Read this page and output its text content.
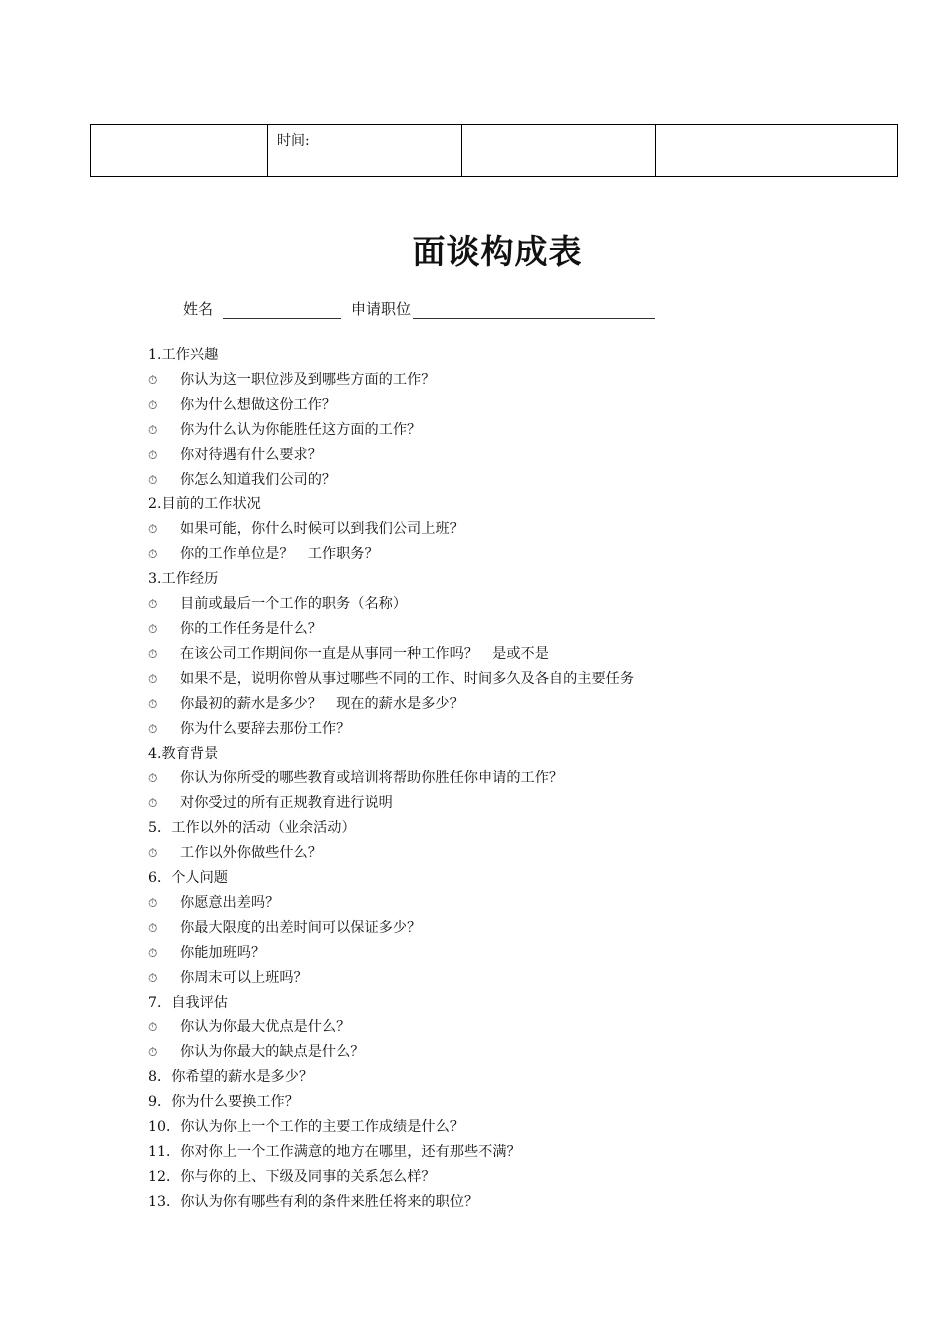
	时间:		
面谈构成表
姓名	申请职位
1.工作兴趣
⏱	你认为这一职位涉及到哪些方面的工作？
⏱	你为什么想做这份工作？
⏱	你为什么认为你能胜任这方面的工作？
⏱	你对待遇有什么要求？
⏱	你怎么知道我们公司的？
2.目前的工作状况
⏱	如果可能，你什么时候可以到我们公司上班？
⏱	你的工作单位是？　工作职务？
3.工作经历
⏱	目前或最后一个工作的职务（名称）
⏱	你的工作任务是什么？
⏱	在该公司工作期间你一直是从事同一种工作吗？　是或不是
⏱	如果不是，说明你曾从事过哪些不同的工作、时间多久及各自的主要任务
⏱	你最初的薪水是多少？　现在的薪水是多少？
⏱	你为什么要辞去那份工作？
4.教育背景
⏱	你认为你所受的哪些教育或培训将帮助你胜任你申请的工作？
⏱	对你受过的所有正规教育进行说明
5．工作以外的活动（业余活动）
⏱	工作以外你做些什么？
6．个人问题
⏱	你愿意出差吗？
⏱	你最大限度的出差时间可以保证多少？
⏱	你能加班吗？
⏱	你周末可以上班吗？
7．自我评估
⏱	你认为你最大优点是什么？
⏱	你认为你最大的缺点是什么？
8．你希望的薪水是多少？
9．你为什么要换工作？
10．你认为你上一个工作的主要工作成绩是什么？
11．你对你上一个工作满意的地方在哪里，还有那些不满？
12．你与你的上、下级及同事的关系怎么样？
13．你认为你有哪些有利的条件来胜任将来的职位？
